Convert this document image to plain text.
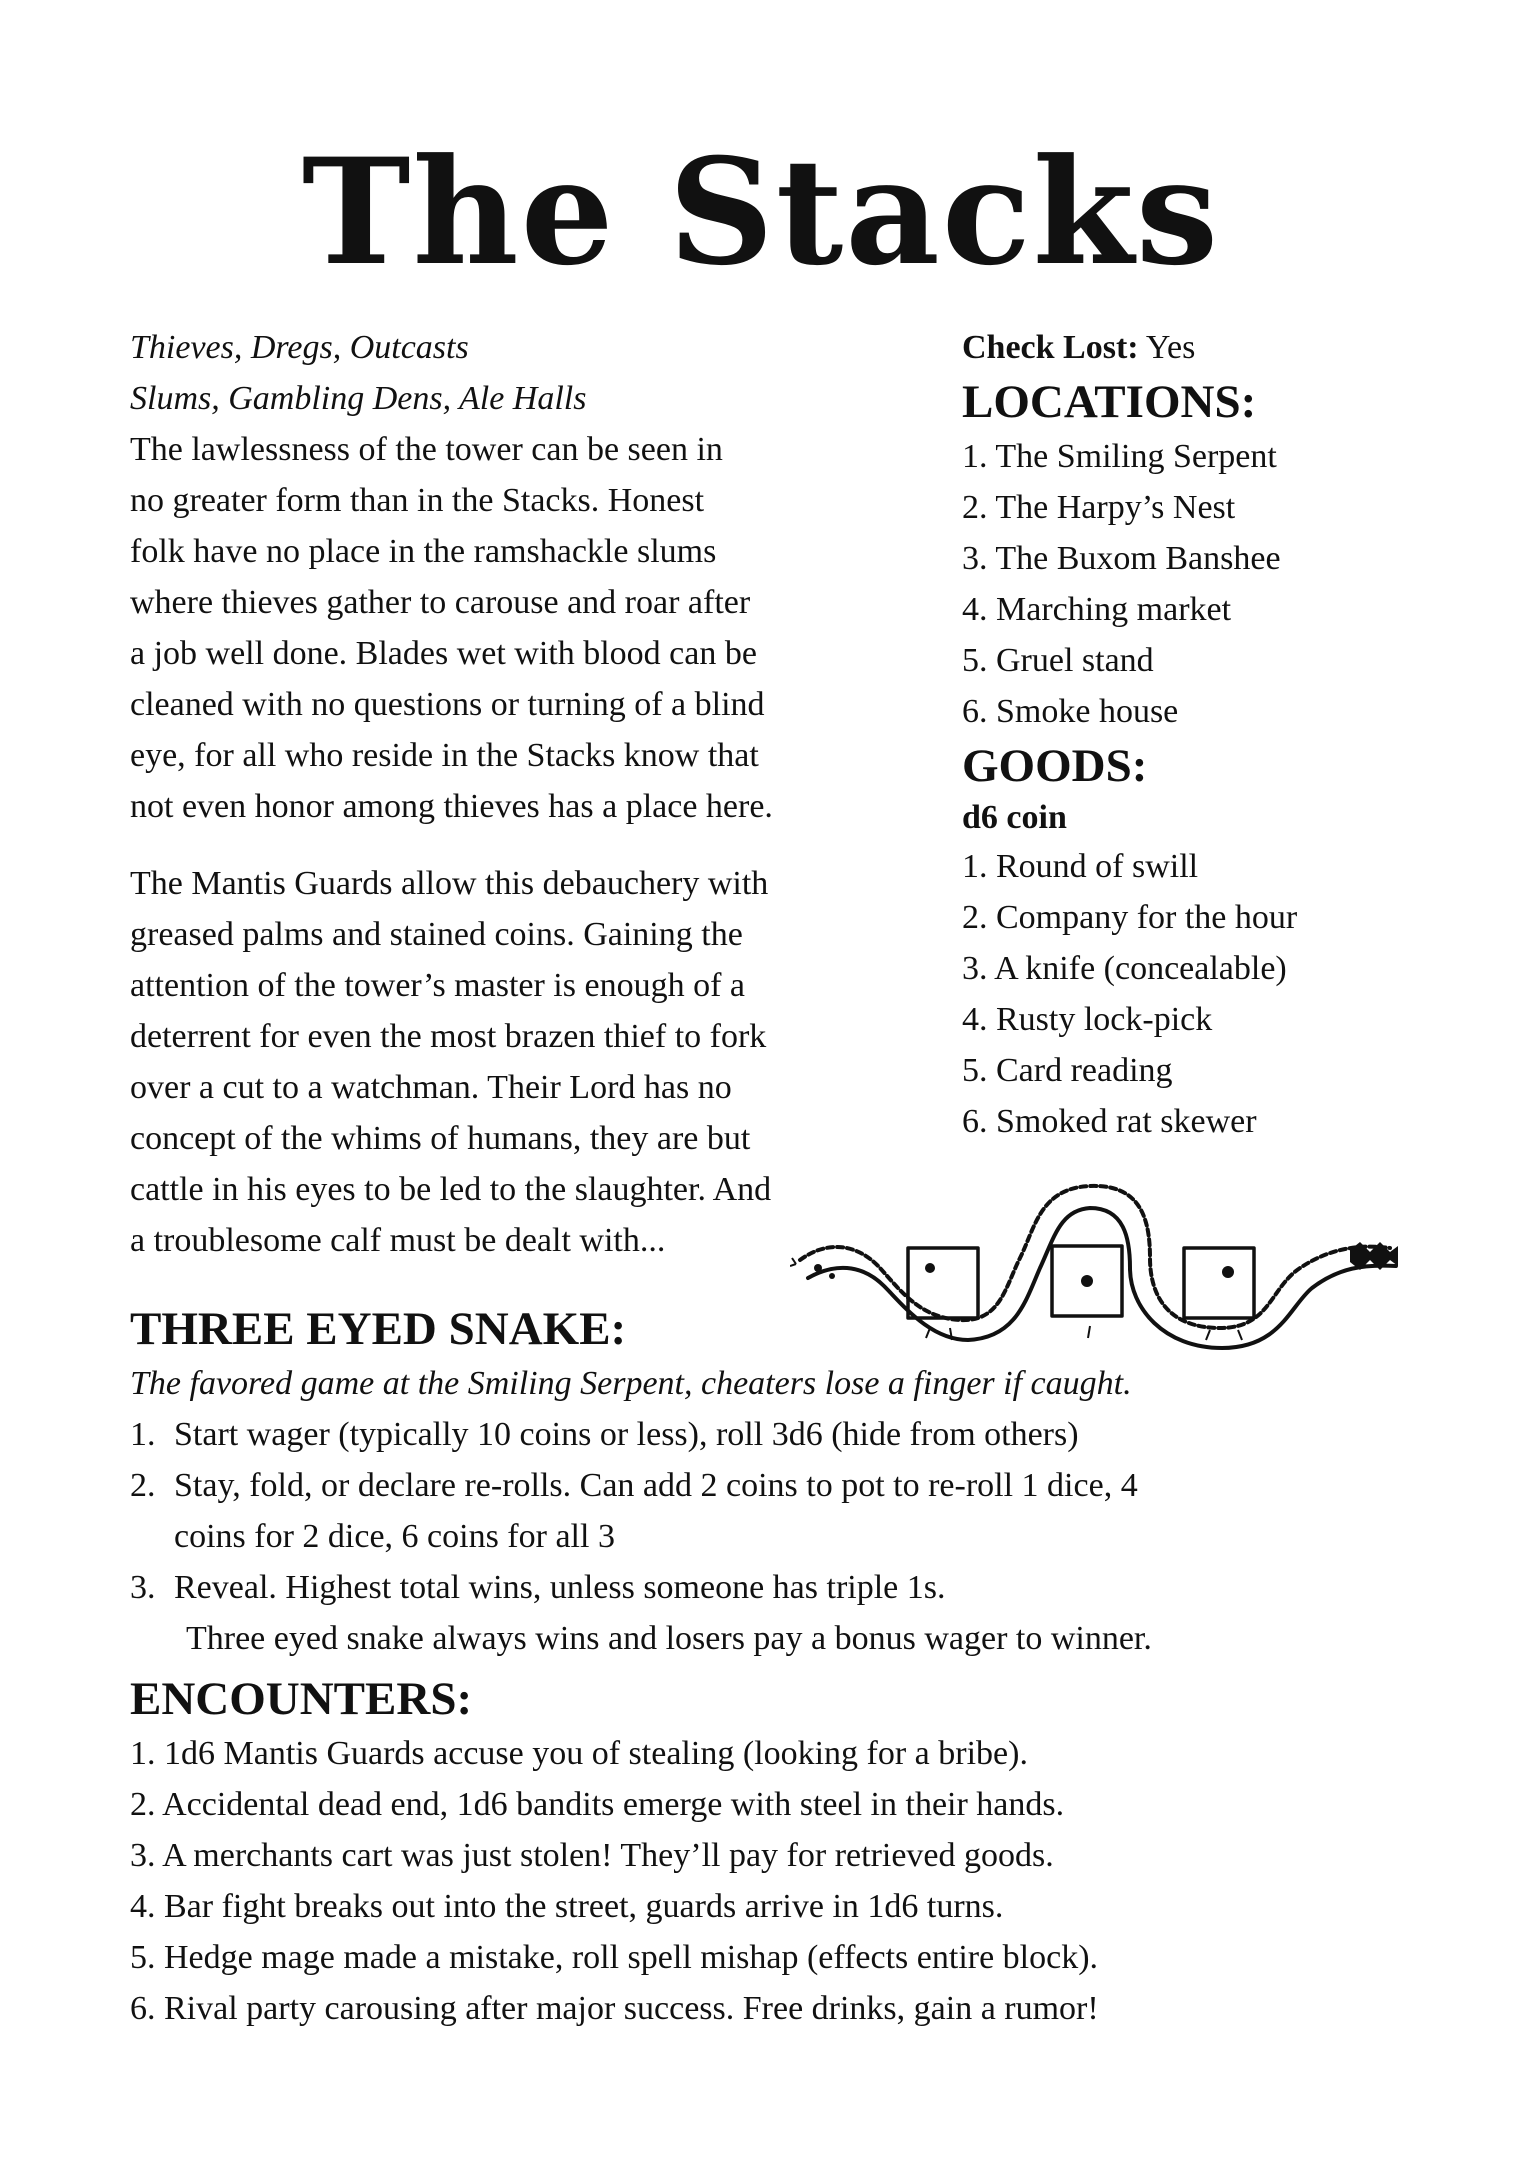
The Stacks
Thieves, Dregs, Outcasts
Slums, Gambling Dens, Ale Halls

The lawlessness of the tower can be seen in

no greater form than in the Stacks. Honest

folk have no place in the ramshackle slums

where thieves gather to carouse and roar after

a job well done. Blades wet with blood can be

cleaned with no questions or turning of a blind

eye, for all who reside in the Stacks know that

not even honor among thieves has a place here.

The Mantis Guards allow this debauchery with

greased palms and stained coins. Gaining the

attention of the tower’s master is enough of a

deterrent for even the most brazen thief to fork

over a cut to a watchman. Their Lord has no

concept of the whims of humans, they are but

cattle in his eyes to be led to the slaughter. And

a troublesome calf must be dealt with...

Check Lost: Yes
LOCATIONS:
1. The Smiling Serpent
2. The Harpy’s Nest
3. The Buxom Banshee
4. Marching market
5. Gruel stand
6. Smoke house
GOODS:
d6 coin
1. Round of swill
2. Company for the hour
3. A knife (concealable)
4. Rusty lock-pick
5. Card reading
6. Smoked rat skewer
THREE EYED SNAKE:
The favored game at the Smiling Serpent, cheaters lose a finger if caught.
1. Start wager (typically 10 coins or less), roll 3d6 (hide from others)
2. Stay, fold, or declare re-rolls. Can add 2 coins to pot to re-roll 1 dice, 4 coins for 2 dice, 6 coins for all 3
3. Reveal. Highest total wins, unless someone has triple 1s.
Three eyed snake always wins and losers pay a bonus wager to winner.
ENCOUNTERS:
1. 1d6 Mantis Guards accuse you of stealing (looking for a bribe).
2. Accidental dead end, 1d6 bandits emerge with steel in their hands.
3. A merchants cart was just stolen! They’ll pay for retrieved goods.
4. Bar fight breaks out into the street, guards arrive in 1d6 turns.
5. Hedge mage made a mistake, roll spell mishap (effects entire block).
6. Rival party carousing after major success. Free drinks, gain a rumor!
